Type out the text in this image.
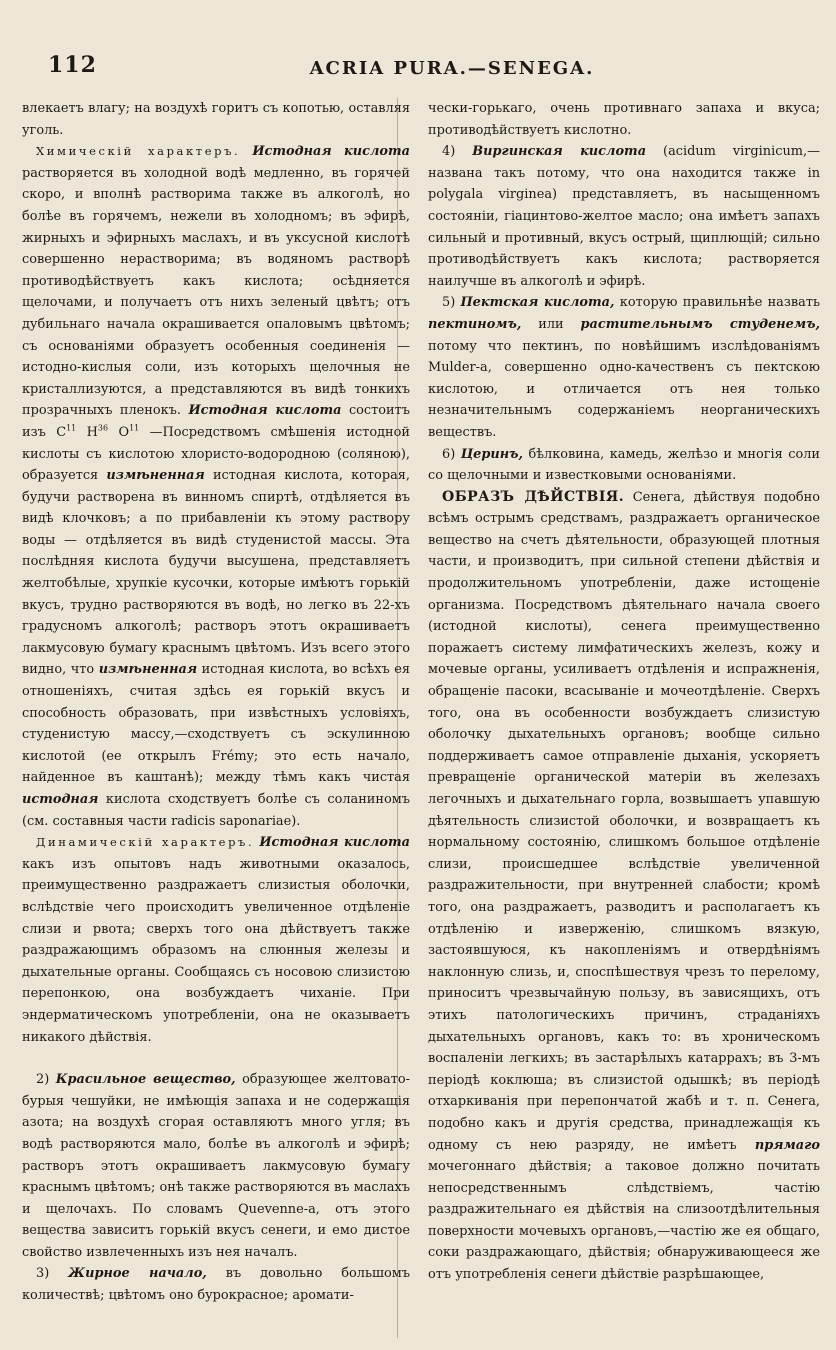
112	ACRIA PURA.—SENEGA.

влекаетъ влагу; на воздухѣ горитъ съ копотью, оставляя уголь.

Химическiй характеръ. Истодная кислота растворяется въ холодной водѣ медленно, въ горячей скоро, и вполнѣ растворима также въ алкоголѣ, но болѣе въ горячемъ, нежели въ холодномъ; въ эфирѣ, жирныхъ и эфирныхъ маслахъ, и въ уксусной кислотѣ совершенно нерастворима; въ водяномъ растворѣ противодѣйствуетъ какъ кислота; осѣдняется щелочами, и получаетъ отъ нихъ зеленый цвѣтъ; отъ дубильнаго начала окрашивается опаловымъ цвѣтомъ; съ основанiями образуетъ особенныя соединенiя — истодно-кислыя соли, изъ которыхъ щелочныя не кристаллизуются, а представляются въ видѣ тонкихъ прозрачныхъ пленокъ. Истодная кислота состоитъ изъ $C^{11}$ $H^{36}$ $O^{11}$ —Посредствомъ смѣшенiя истодной кислоты съ кислотою хлористо-водородною (соляною), образуется измѣненная истодная кислота, которая, будучи растворена въ винномъ спиртѣ, отдѣляется въ видѣ клочковъ; а по прибавленiи къ этому раствору воды — отдѣляется въ видѣ студенистой массы. Эта послѣдняя кислота будучи высушена, представляетъ желтобѣлые, хрупкiе кусочки, которые имѣютъ горькiй вкусъ, трудно растворяются въ водѣ, но легко въ 22-хъ градусномъ алкоголѣ; растворъ этотъ окрашиваетъ лакмусовую бумагу краснымъ цвѣтомъ. Изъ всего этого видно, что измѣненная истодная кислота, во всѣхъ ея отношенiяхъ, считая здѣсь ея горькiй вкусъ и способность образовать, при извѣстныхъ условiяхъ, студенистую массу,—сходствуетъ съ эскулинною кислотой (ее открылъ Frémy; это есть начало, найденное въ каштанѣ); между тѣмъ какъ чистая истодная кислота сходствуетъ болѣе съ соланиномъ (см. составныя части radicis saponariae).

Динамическiй характеръ. Истодная кислота какъ изъ опытовъ надъ животными оказалось, преимущественно раздражаетъ слизистыя оболочки, вслѣдствiе чего происходитъ увеличенное отдѣленiе слизи и рвота; сверхъ того она дѣйствуетъ также раздражающимъ образомъ на слюнныя железы и дыхательные органы. Сообщаясь съ носовою слизистою перепонкою, она возбуждаетъ чиханiе. При эндерматическомъ употребленiи, она не оказываетъ никакого дѣйствiя.

2) Красильное вещество, образующее желтовато-бурыя чешуйки, не имѣющiя запаха и не содержащiя азота; на воздухѣ сгорая оставляютъ много угля; въ водѣ растворяются мало, болѣе въ алкоголѣ и эфирѣ; растворъ этотъ окрашиваетъ лакмусовую бумагу краснымъ цвѣтомъ; онѣ также растворяются въ маслахъ и щелочахъ. По словамъ Quevenne-a, отъ этого вещества зависитъ горькiй вкусъ сенеги, и емо дистое свойство извлеченныхъ изъ нея началъ.

3) Жирное начало, въ довольно большомъ количествѣ; цвѣтомъ оно бурокрасное; аромати-

чески-горькаго, очень противнаго запаха и вкуса; противодѣйствуетъ кислотно.

4) Виргинская кислота (acidum virginicum,—названа такъ потому, что она находится также in polygala virginea) представляетъ, въ насыщенномъ состоянiи, гiацинтово-желтое масло; она имѣетъ запахъ сильный и противный, вкусъ острый, щиплющiй; сильно противодѣйствуетъ какъ кислота; растворяется наилучше въ алкоголѣ и эфирѣ.

5) Пектская кислота, которую правильнѣе назвать пектиномъ, или растительнымъ студенемъ, потому что пектинъ, по новѣйшимъ изслѣдованiямъ Mulder-a, совершенно одно-качественъ съ пектскою кислотою, и отличается отъ нея только незначительнымъ содержанiемъ неорганическихъ веществъ.

6) Церинъ, бѣлковина, камедь, желѣзо и многiя соли со щелочными и известковыми основанiями.

ОБРАЗЪ ДѢЙСТВIЯ. Сенега, дѣйствуя подобно всѣмъ острымъ средствамъ, раздражаетъ органическое вещество на счетъ дѣятельности, образующей плотныя части, и производитъ, при сильной степени дѣйствiя и продолжительномъ употребленiи, даже истощенiе организма. Посредствомъ дѣятельнаго начала своего (истодной кислоты), сенега преимущественно поражаетъ систему лимфатическихъ железъ, кожу и мочевые органы, усиливаетъ отдѣленiя и испражненiя, обращенiе пасоки, всасыванiе и мочеотдѣленiе. Сверхъ того, она въ особенности возбуждаетъ слизистую оболочку дыхательныхъ органовъ; вообще сильно поддерживаетъ самое отправленiе дыханiя, ускоряетъ превращенiе органической матерiи въ железахъ легочныхъ и дыхательнаго горла, возвышаетъ упавшую дѣятельность слизистой оболочки, и возвращаетъ къ нормальному состоянiю, слишкомъ большое отдѣленiе слизи, происшедшее вслѣдствiе увеличенной раздражительности, при внутренней слабости; кромѣ того, она раздражаетъ, разводитъ и располагаетъ къ отдѣленiю и изверженiю, слишкомъ вязкую, застоявшуюся, къ накопленiямъ и отвердѣнiямъ наклонную слизь, и, споспѣшествуя чрезъ то перелому, приноситъ чрезвычайную пользу, въ зависящихъ, отъ этихъ патологическихъ причинъ, страданiяхъ дыхательныхъ органовъ, какъ то: въ хроническомъ воспаленiи легкихъ; въ застарѣлыхъ катаррахъ; въ 3-мъ перiодѣ коклюша; въ слизистой одышкѣ; въ перiодѣ отхаркиванiя при перепончатой жабѣ и т. п. Сенега, подобно какъ и другiя средства, принадлежащiя къ одному съ нею разряду, не имѣетъ прямаго мочегоннаго дѣйствiя; а таковое должно почитать непосредственнымъ слѣдствiемъ, частiю раздражительнаго ея дѣйствiя на слизоотдѣлительныя поверхности мочевыхъ органовъ,—частiю же ея общаго, соки раздражающаго, дѣйствiя; обнаруживающееся же отъ употребленiя сенеги дѣйствiе разрѣшающее,
